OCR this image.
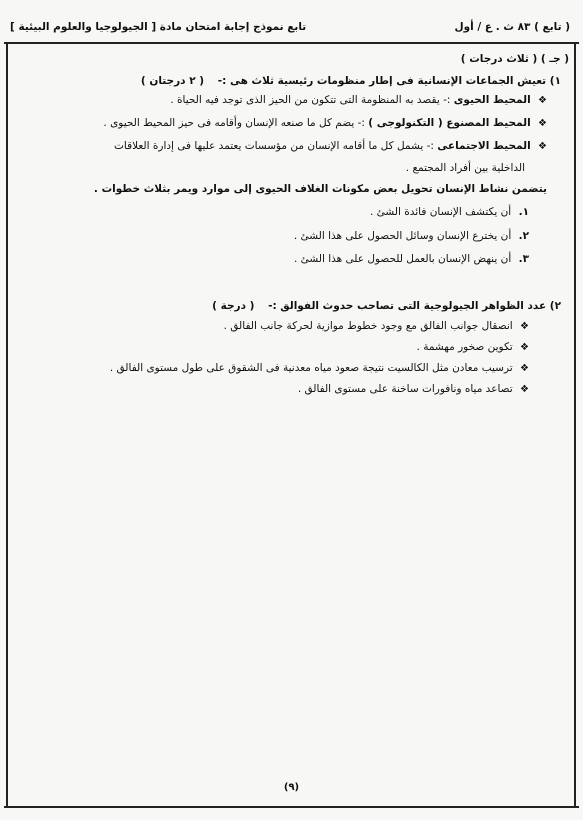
( تابع ) ٨٣ ث . ع / أول
تابع نموذج إجابة امتحان مادة [ الجيولوجيا والعلوم البيئية ]
( جـ ) ( ثلاث درجات )
١) تعيش الجماعات الإنسانية فى إطار منظومات رئيسية ثلاث هى :- ( ٢ درجتان )
❖ المحيط الحيوى :- يقصد به المنظومة التى تتكون من الحيز الذى توجد فيه الحياة .
❖ المحيط المصنوع ( التكنولوجى ) :- يضم كل ما صنعه الإنسان وأقامه فى حيز المحيط الحيوى .
❖ المحيط الاجتماعى :- يشمل كل ما أقامه الإنسان من مؤسسات يعتمد عليها فى إدارة العلاقات
الداخلية بين أفراد المجتمع .
يتضمن نشاط الإنسان تحويل بعض مكونات الغلاف الحيوى إلى موارد ويمر بثلاث خطوات .
١. أن يكتشف الإنسان فائدة الشئ .
٢. أن يخترع الإنسان وسائل الحصول على هذا الشئ .
٣. أن ينهض الإنسان بالعمل للحصول على هذا الشئ .
٢) عدد الظواهر الجيولوجية التى تصاحب حدوث الفوالق :- ( درجة )
❖ انصقال جوانب الفالق مع وجود خطوط موازية لحركة جانب الفالق .
❖ تكوين صخور مهشمة .
❖ ترسيب معادن مثل الكالسيت نتيجة صعود مياه معدنية فى الشقوق على طول مستوى الفالق .
❖ تصاعد مياه ونافورات ساخنة على مستوى الفالق .
(٩)
